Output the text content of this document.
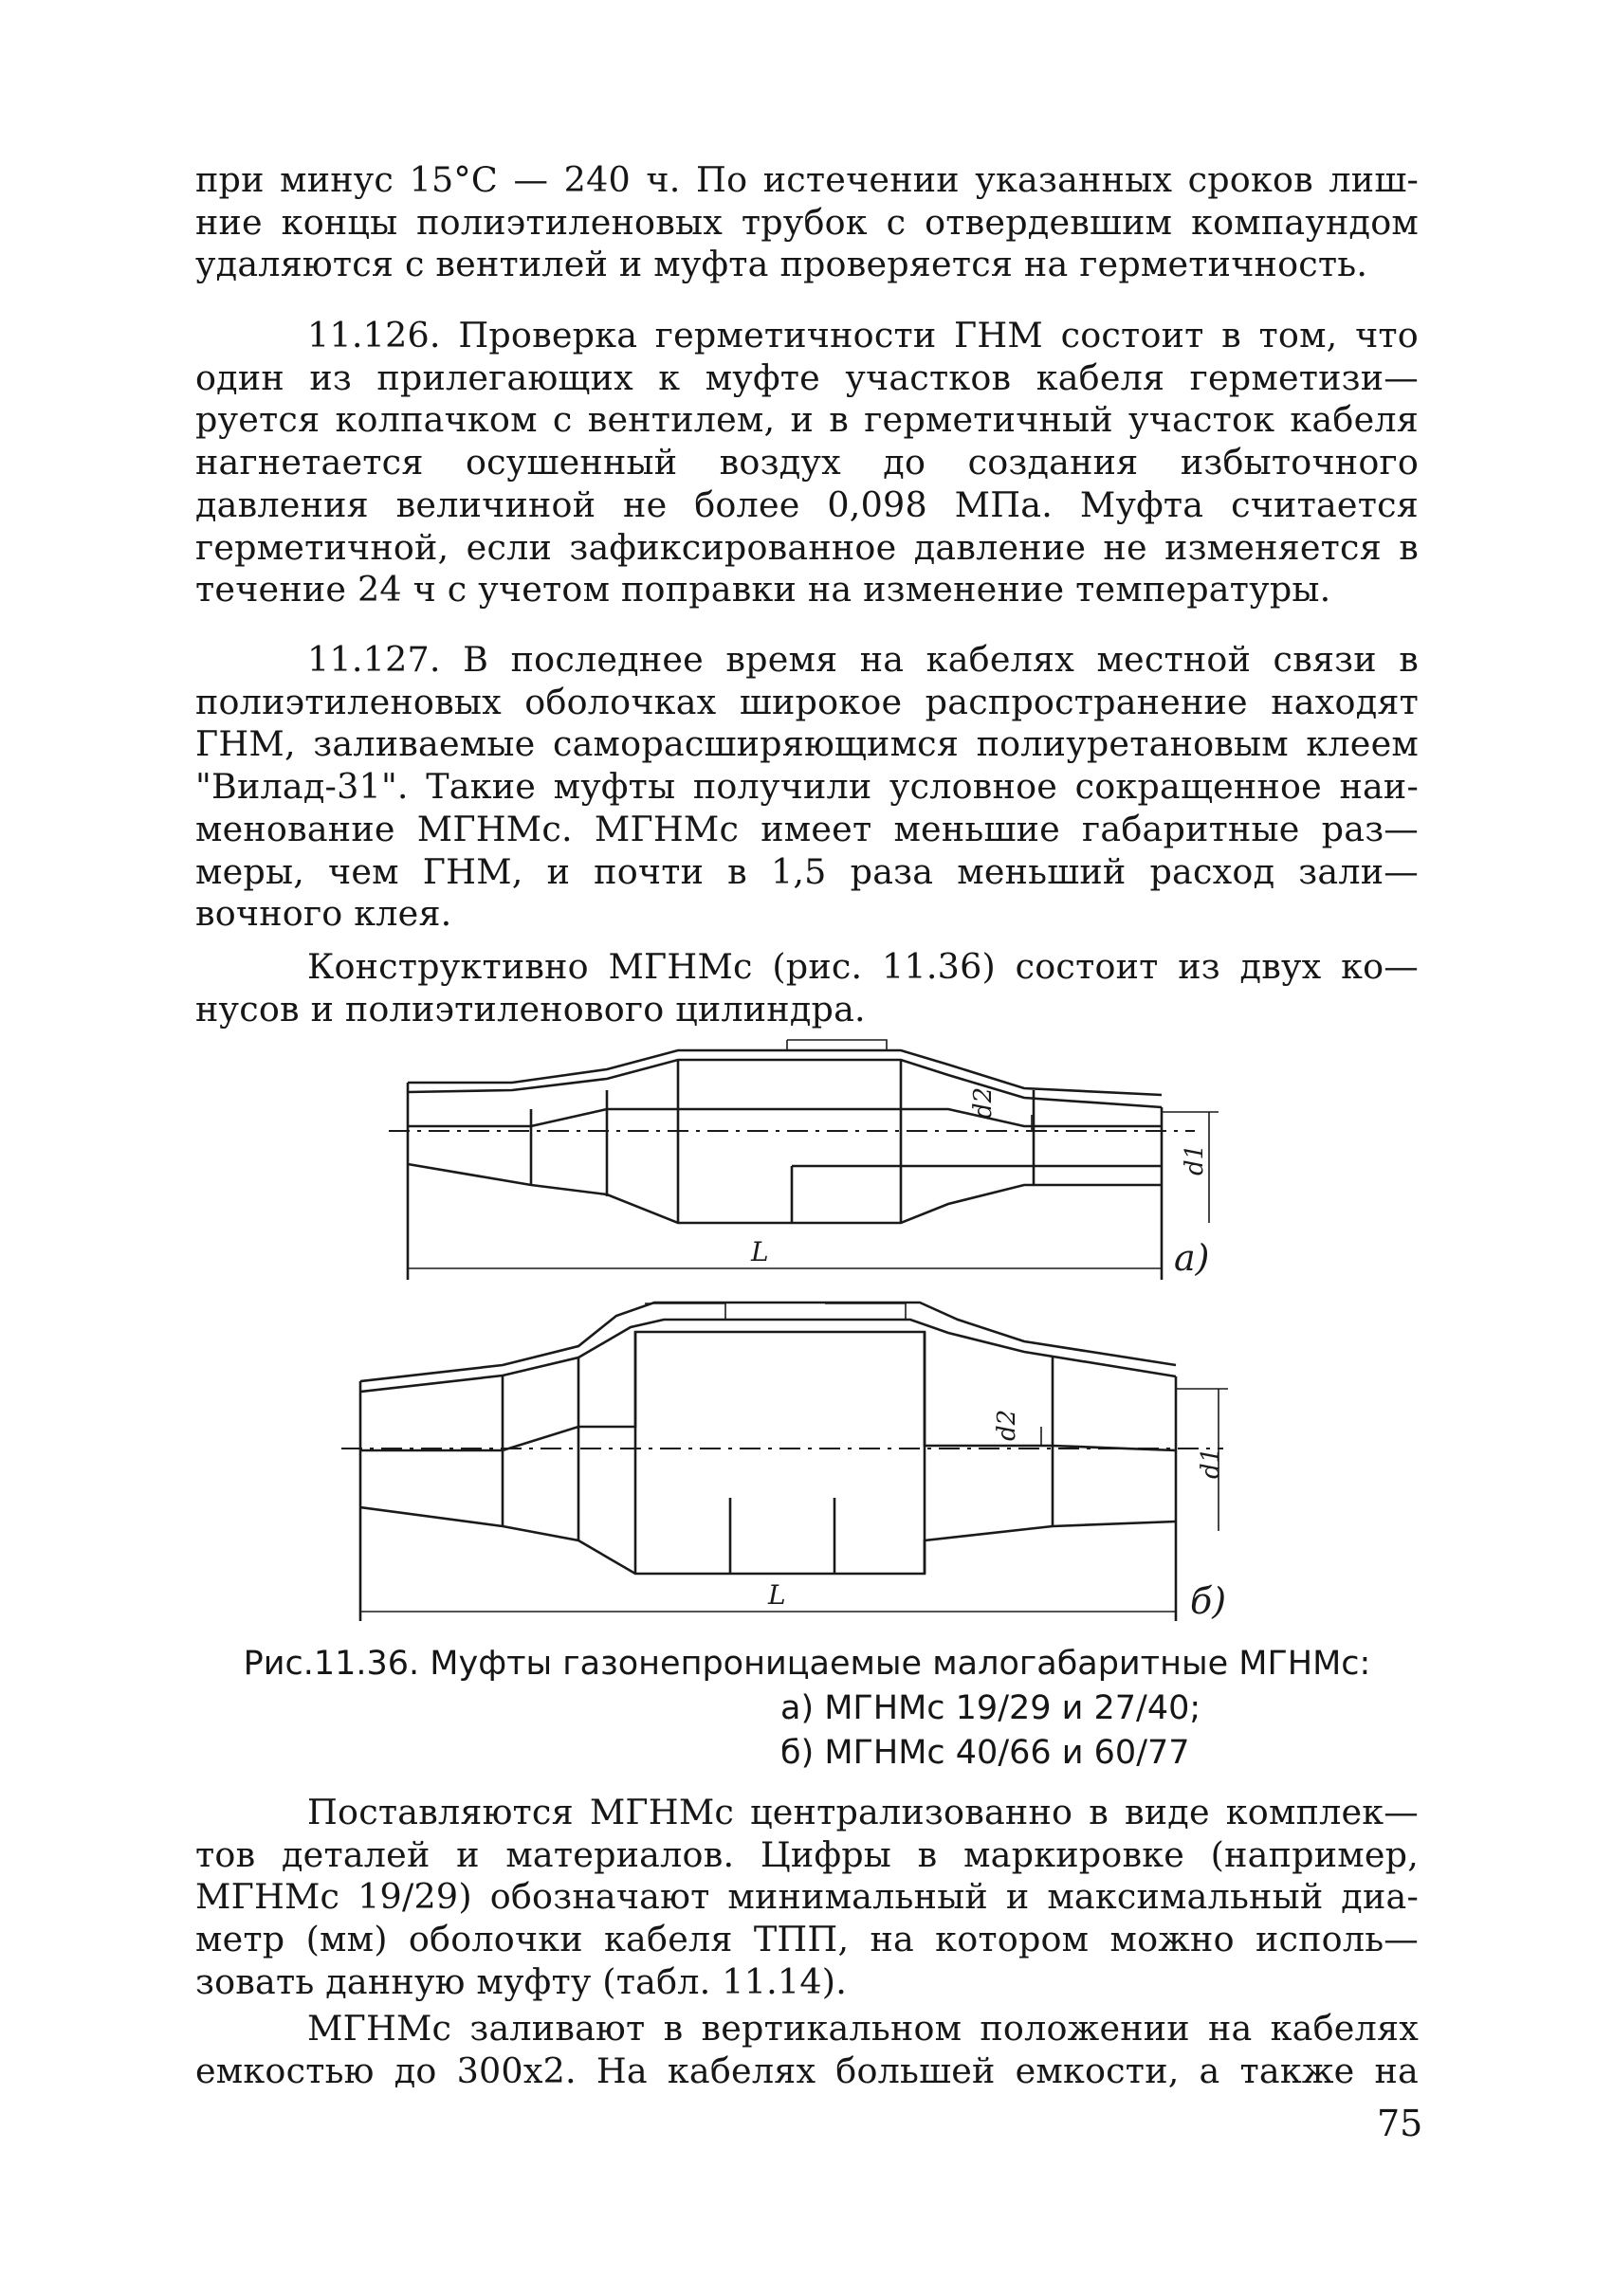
при минус 15°С — 240 ч. По истечении указанных сроков лиш-
ние концы полиэтиленовых трубок с отвердевшим компаундом
удаляются с вентилей и муфта проверяется на герметичность.

11.126. Проверка герметичности ГНМ состоит в том, что
один из прилегающих к муфте участков кабеля герметизи—
руется колпачком с вентилем, и в герметичный участок кабеля
нагнетается осушенный воздух до создания избыточного
давления величиной не более 0,098 МПа. Муфта считается
герметичной, если зафиксированное давление не изменяется в
течение 24 ч с учетом поправки на изменение температуры.

11.127. В последнее время на кабелях местной связи в
полиэтиленовых оболочках широкое распространение находят
ГНМ, заливаемые саморасширяющимся полиуретановым клеем
"Вилад-31". Такие муфты получили условное сокращенное наи-
менование МГНМс. МГНМс имеет меньшие габаритные раз—
меры, чем ГНМ, и почти в 1,5 раза меньший расход зали—
вочного клея.

Конструктивно МГНМс (рис. 11.36) состоит из двух ко—
нусов и полиэтиленового цилиндра.

d2
d1
L	а)
d2
d1
L	б)

Рис.11.36. Муфты газонепроницаемые малогабаритные МГНМс:
а) МГНМс 19/29 и 27/40;
б) МГНМс 40/66 и 60/77

Поставляются МГНМс централизованно в виде комплек—
тов деталей и материалов. Цифры в маркировке (например,
МГНМс 19/29) обозначают минимальный и максимальный диа-
метр (мм) оболочки кабеля ТПП, на котором можно исполь—
зовать данную муфту (табл. 11.14).

МГНМс заливают в вертикальном положении на кабелях
емкостью до 300х2. На кабелях большей емкости, а также на

75
